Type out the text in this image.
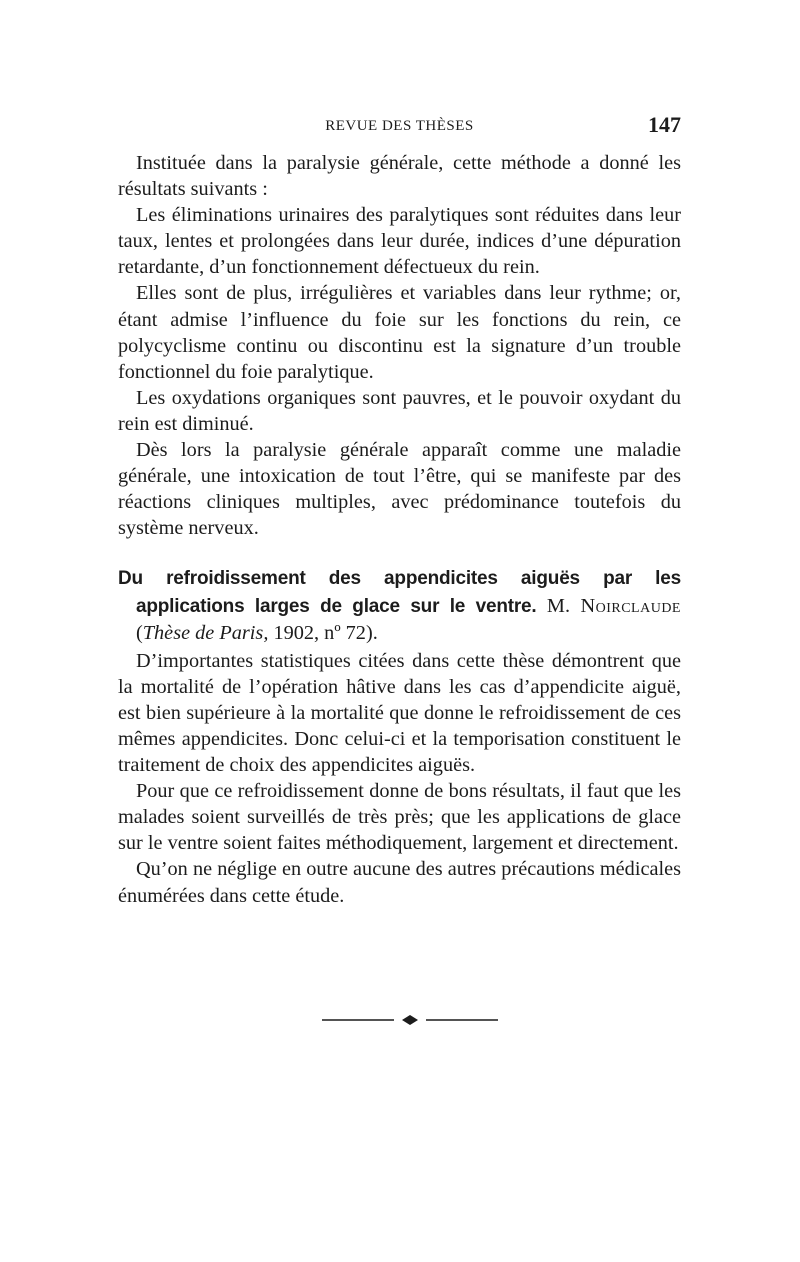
REVUE DES THÈSES	147

Instituée dans la paralysie générale, cette méthode a donné les résultats suivants :

Les éliminations urinaires des paralytiques sont réduites dans leur taux, lentes et prolongées dans leur durée, indices d’une dépuration retardante, d’un fonctionnement défectueux du rein.

Elles sont de plus, irrégulières et variables dans leur rythme; or, étant admise l’influence du foie sur les fonctions du rein, ce polycyclisme continu ou discontinu est la signature d’un trouble fonctionnel du foie paralytique.

Les oxydations organiques sont pauvres, et le pouvoir oxydant du rein est diminué.

Dès lors la paralysie générale apparaît comme une maladie générale, une intoxication de tout l’être, qui se manifeste par des réactions cliniques multiples, avec prédominance toutefois du système nerveux.

Du refroidissement des appendicites aiguës par les applications larges de glace sur le ventre. M. Noirclaude (Thèse de Paris, 1902, nº 72).

D’importantes statistiques citées dans cette thèse démontrent que la mortalité de l’opération hâtive dans les cas d’appendicite aiguë, est bien supérieure à la mortalité que donne le refroidissement de ces mêmes appendicites. Donc celui-ci et la temporisation constituent le traitement de choix des appendicites aiguës.

Pour que ce refroidissement donne de bons résultats, il faut que les malades soient surveillés de très près; que les applications de glace sur le ventre soient faites méthodiquement, largement et directement.

Qu’on ne néglige en outre aucune des autres précautions médicales énumérées dans cette étude.
